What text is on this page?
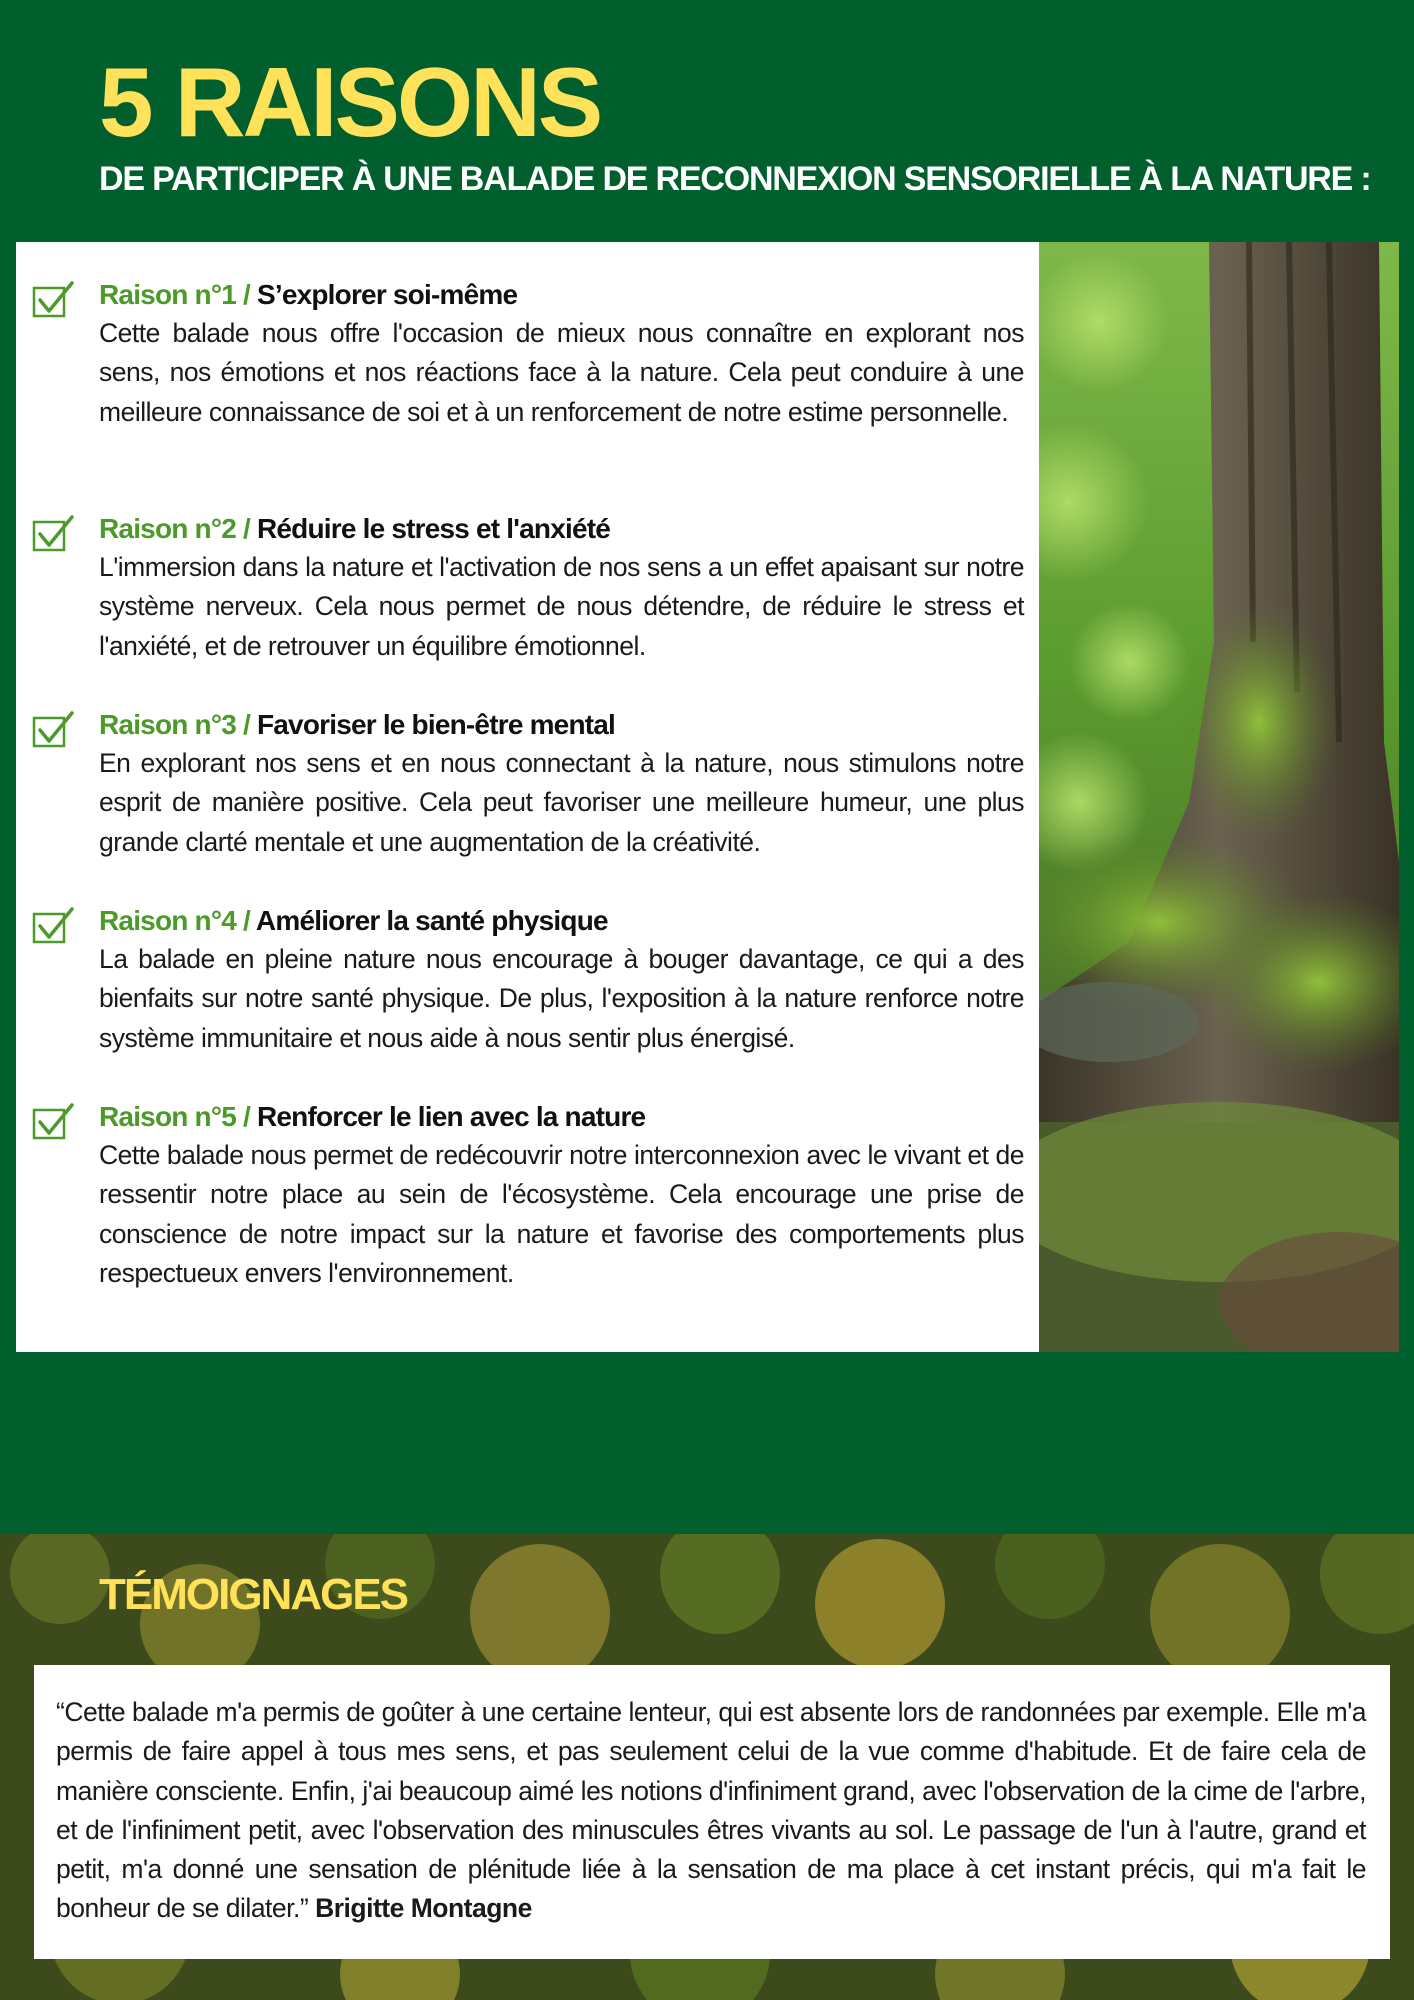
5 RAISONS
DE PARTICIPER À UNE BALADE DE RECONNEXION SENSORIELLE À LA NATURE :
Raison n°1 / S’explorer soi-même
Cette balade nous offre l'occasion de mieux nous connaître en explorant nos sens, nos émotions et nos réactions face à la nature. Cela peut conduire à une meilleure connaissance de soi et à un renforcement de notre estime personnelle.
Raison n°2 / Réduire le stress et l'anxiété
L'immersion dans la nature et l'activation de nos sens a un effet apaisant sur notre système nerveux. Cela nous permet de nous détendre, de réduire le stress et l'anxiété, et de retrouver un équilibre émotionnel.
Raison n°3 / Favoriser le bien-être mental
En explorant nos sens et en nous connectant à la nature, nous stimulons notre esprit de manière positive. Cela peut favoriser une meilleure humeur, une plus grande clarté mentale et une augmentation de la créativité.
Raison n°4 / Améliorer la santé physique
La balade en pleine nature nous encourage à bouger davantage, ce qui a des bienfaits sur notre santé physique. De plus, l'exposition à la nature renforce notre système immunitaire et nous aide à nous sentir plus énergisé.
Raison n°5 / Renforcer le lien avec la nature
Cette balade nous permet de redécouvrir notre interconnexion avec le vivant et de ressentir notre place au sein de l'écosystème. Cela encourage une prise de conscience de notre impact sur la nature et favorise des comportements plus respectueux envers l'environnement.
TÉMOIGNAGES

“Cette balade m'a permis de goûter à une certaine lenteur, qui est absente lors de randonnées par exemple. Elle m'a permis de faire appel à tous mes sens, et pas seulement celui de la vue comme d'habitude. Et de faire cela de manière consciente. Enfin, j'ai beaucoup aimé les notions d'infiniment grand, avec l'observation de la cime de l'arbre, et de l'infiniment petit, avec l'observation des minuscules êtres vivants au sol. Le passage de l'un à l'autre, grand et petit, m'a donné une sensation de plénitude liée à la sensation de ma place à cet instant précis, qui m'a fait le bonheur de se dilater.” Brigitte Montagne
